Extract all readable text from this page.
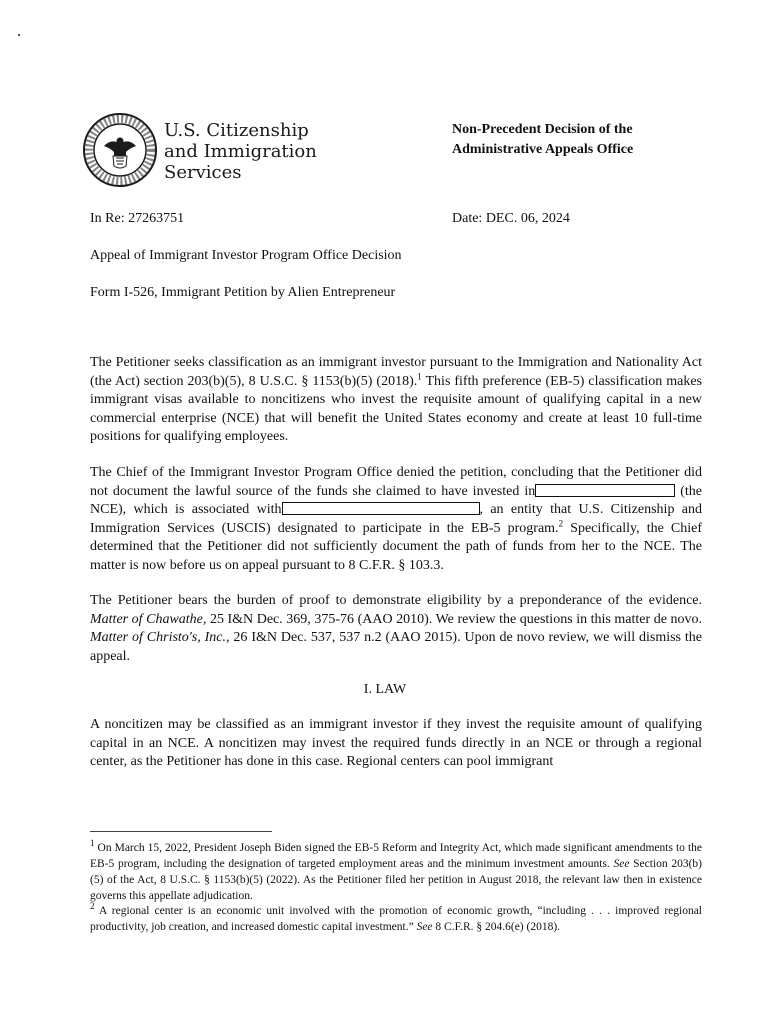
U.S. Citizenship
and Immigration
Services
Non-Precedent Decision of the
Administrative Appeals Office
In Re: 27263751	Date: DEC. 06, 2024
Appeal of Immigrant Investor Program Office Decision
Form I-526, Immigrant Petition by Alien Entrepreneur

The Petitioner seeks classification as an immigrant investor pursuant to the Immigration and Nationality Act (the Act) section 203(b)(5), 8 U.S.C. § 1153(b)(5) (2018).$^1$ This fifth preference (EB-5) classification makes immigrant visas available to noncitizens who invest the requisite amount of qualifying capital in a new commercial enterprise (NCE) that will benefit the United States economy and create at least 10 full-time positions for qualifying employees.

The Chief of the Immigrant Investor Program Office denied the petition, concluding that the Petitioner did not document the lawful source of the funds she claimed to have invested in	(the NCE), which is associated with	, an entity that U.S. Citizenship and Immigration Services (USCIS) designated to participate in the EB-5 program.$^2$ Specifically, the Chief determined that the Petitioner did not sufficiently document the path of funds from her to the NCE. The matter is now before us on appeal pursuant to 8 C.F.R. § 103.3.

The Petitioner bears the burden of proof to demonstrate eligibility by a preponderance of the evidence. Matter of Chawathe, 25 I&N Dec. 369, 375-76 (AAO 2010). We review the questions in this matter de novo. Matter of Christo's, Inc., 26 I&N Dec. 537, 537 n.2 (AAO 2015). Upon de novo review, we will dismiss the appeal.

I. LAW

A noncitizen may be classified as an immigrant investor if they invest the requisite amount of qualifying capital in an NCE. A noncitizen may invest the required funds directly in an NCE or through a regional center, as the Petitioner has done in this case. Regional centers can pool immigrant

$^1$ On March 15, 2022, President Joseph Biden signed the EB-5 Reform and Integrity Act, which made significant amendments to the EB-5 program, including the designation of targeted employment areas and the minimum investment amounts. See Section 203(b)(5) of the Act, 8 U.S.C. § 1153(b)(5) (2022). As the Petitioner filed her petition in August 2018, the relevant law then in existence governs this appellate adjudication.

$^2$ A regional center is an economic unit involved with the promotion of economic growth, “including . . . improved regional productivity, job creation, and increased domestic capital investment.” See 8 C.F.R. § 204.6(e) (2018).
